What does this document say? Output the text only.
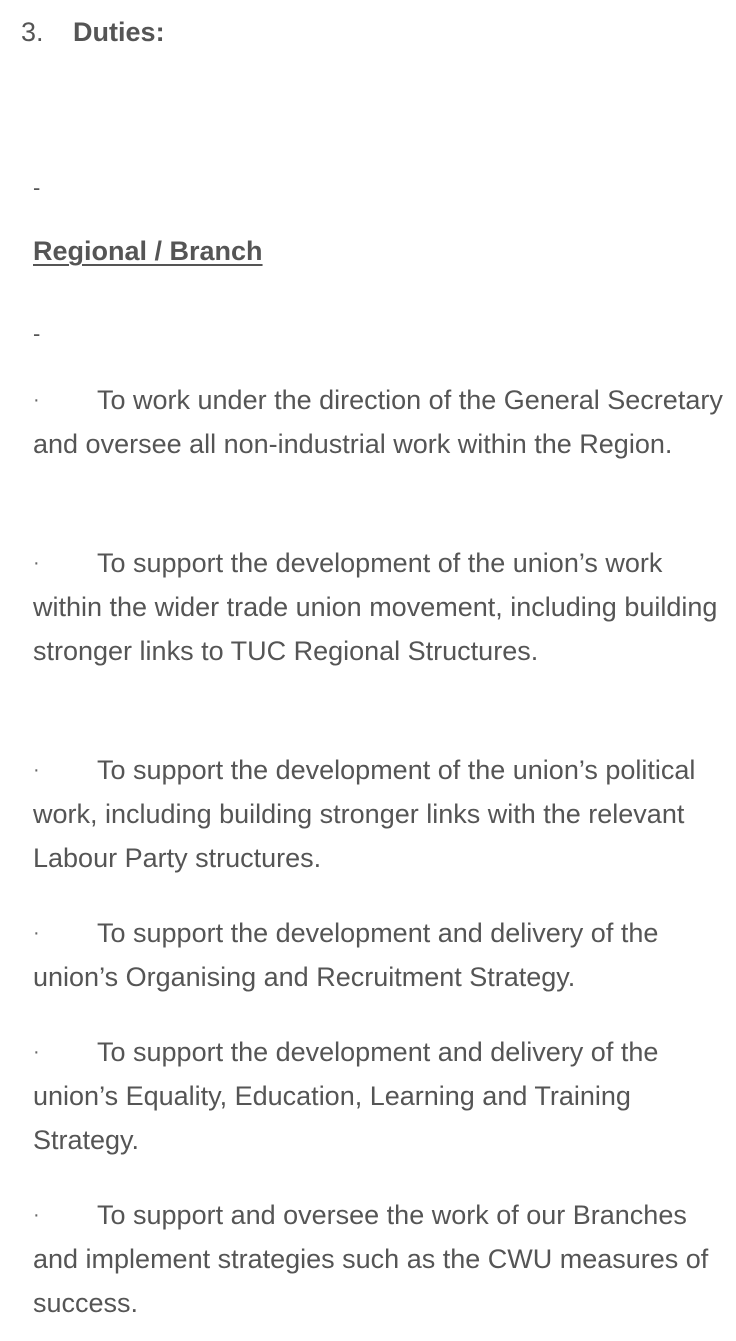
3. Duties:
-
Regional / Branch
-

· To work under the direction of the General Secretary and oversee all non-industrial work within the Region.

· To support the development of the union’s work within the wider trade union movement, including building stronger links to TUC Regional Structures.

· To support the development of the union’s political work, including building stronger links with the relevant Labour Party structures.

· To support the development and delivery of the union’s Organising and Recruitment Strategy.

· To support the development and delivery of the union’s Equality, Education, Learning and Training Strategy.

· To support and oversee the work of our Branches and implement strategies such as the CWU measures of success.
